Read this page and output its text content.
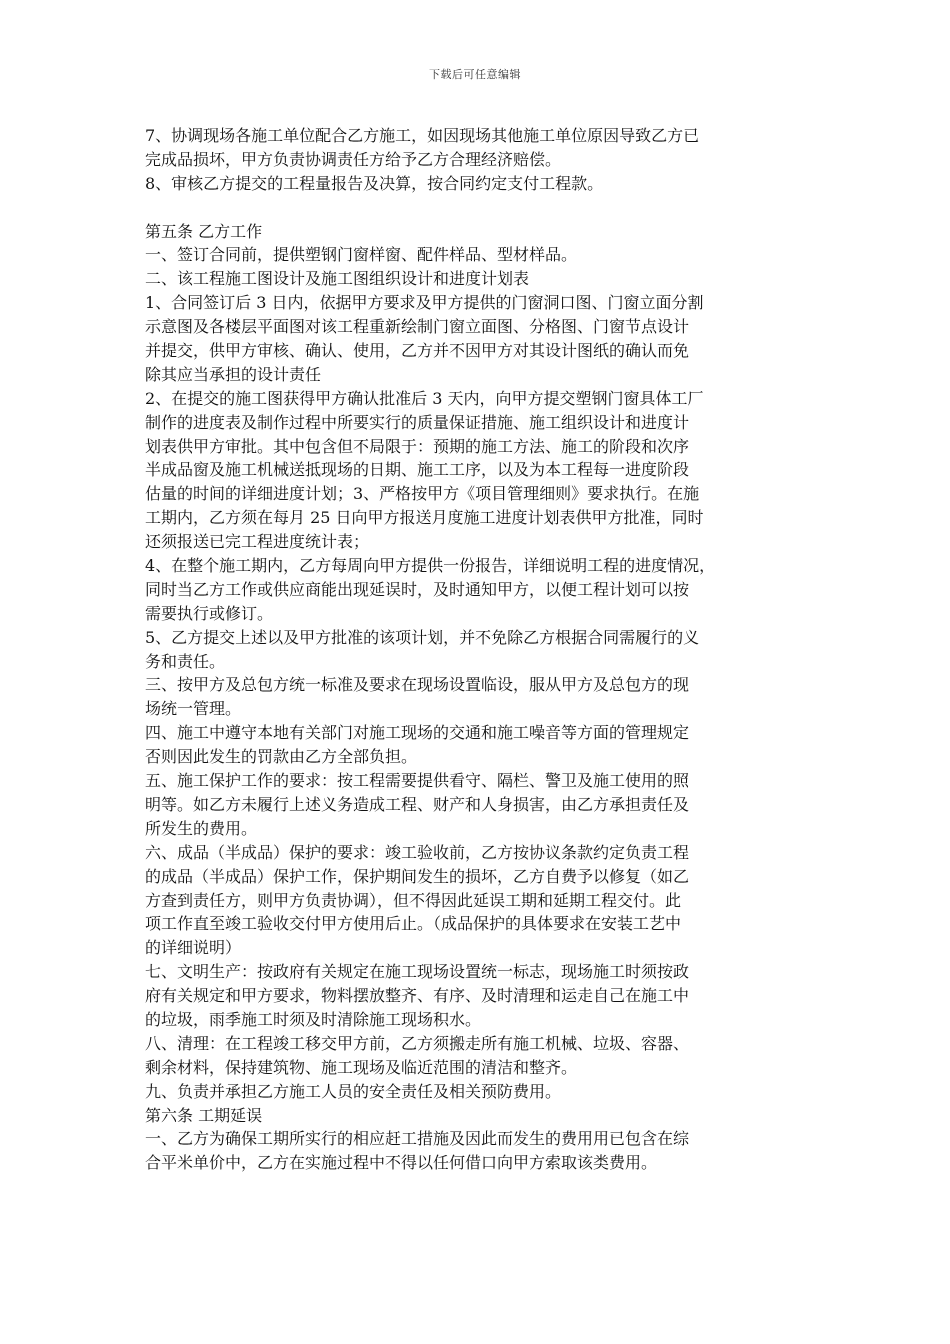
下载后可任意编辑
7、协调现场各施工单位配合乙方施工，如因现场其他施工单位原因导致乙方已
完成品损坏，甲方负责协调责任方给予乙方合理经济赔偿。
8、审核乙方提交的工程量报告及决算，按合同约定支付工程款。
第五条 乙方工作
一、签订合同前，提供塑钢门窗样窗、配件样品、型材样品。
二、该工程施工图设计及施工图组织设计和进度计划表
1、合同签订后 3 日内，依据甲方要求及甲方提供的门窗洞口图、门窗立面分割
示意图及各楼层平面图对该工程重新绘制门窗立面图、分格图、门窗节点设计
并提交，供甲方审核、确认、使用，乙方并不因甲方对其设计图纸的确认而免
除其应当承担的设计责任
2、在提交的施工图获得甲方确认批准后 3 天内，向甲方提交塑钢门窗具体工厂
制作的进度表及制作过程中所要实行的质量保证措施、施工组织设计和进度计
划表供甲方审批。其中包含但不局限于：预期的施工方法、施工的阶段和次序
半成品窗及施工机械送抵现场的日期、施工工序，以及为本工程每一进度阶段
估量的时间的详细进度计划；3、严格按甲方《项目管理细则》要求执行。在施
工期内，乙方须在每月 25 日向甲方报送月度施工进度计划表供甲方批准，同时
还须报送已完工程进度统计表；
4、在整个施工期内，乙方每周向甲方提供一份报告，详细说明工程的进度情况，
同时当乙方工作或供应商能出现延误时，及时通知甲方，以便工程计划可以按
需要执行或修订。
5、乙方提交上述以及甲方批准的该项计划，并不免除乙方根据合同需履行的义
务和责任。
三、按甲方及总包方统一标准及要求在现场设置临设，服从甲方及总包方的现
场统一管理。
四、施工中遵守本地有关部门对施工现场的交通和施工噪音等方面的管理规定
否则因此发生的罚款由乙方全部负担。
五、施工保护工作的要求：按工程需要提供看守、隔栏、警卫及施工使用的照
明等。如乙方未履行上述义务造成工程、财产和人身损害，由乙方承担责任及
所发生的费用。
六、成品（半成品）保护的要求：竣工验收前，乙方按协议条款约定负责工程
的成品（半成品）保护工作，保护期间发生的损坏，乙方自费予以修复（如乙
方查到责任方，则甲方负责协调），但不得因此延误工期和延期工程交付。此
项工作直至竣工验收交付甲方使用后止。（成品保护的具体要求在安装工艺中
的详细说明）
七、文明生产：按政府有关规定在施工现场设置统一标志，现场施工时须按政
府有关规定和甲方要求，物料摆放整齐、有序、及时清理和运走自己在施工中
的垃圾，雨季施工时须及时清除施工现场积水。
八、清理：在工程竣工移交甲方前，乙方须搬走所有施工机械、垃圾、容器、
剩余材料，保持建筑物、施工现场及临近范围的清洁和整齐。
九、负责并承担乙方施工人员的安全责任及相关预防费用。
第六条 工期延误
一、乙方为确保工期所实行的相应赶工措施及因此而发生的费用用已包含在综
合平米单价中，乙方在实施过程中不得以任何借口向甲方索取该类费用。
